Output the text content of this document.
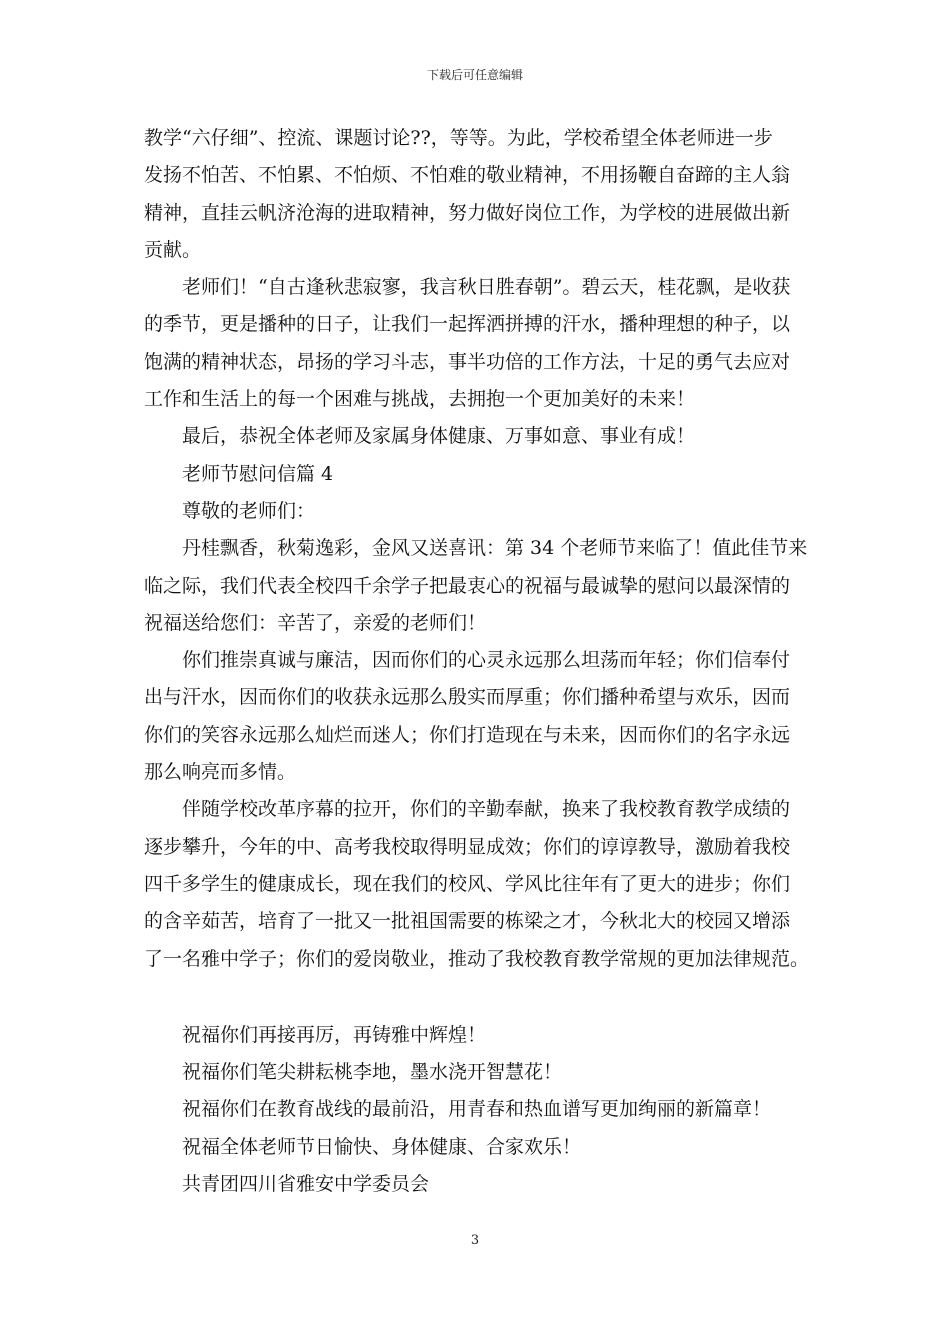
下载后可任意编辑

教学“六仔细”、控流、课题讨论??，等等。为此，学校希望全体老师进一步
发扬不怕苦、不怕累、不怕烦、不怕难的敬业精神，不用扬鞭自奋蹄的主人翁
精神，直挂云帆济沧海的进取精神，努力做好岗位工作，为学校的进展做出新
贡献。

老师们！“自古逢秋悲寂寥，我言秋日胜春朝”。碧云天，桂花飘，是收获
的季节，更是播种的日子，让我们一起挥洒拼搏的汗水，播种理想的种子，以
饱满的精神状态，昂扬的学习斗志，事半功倍的工作方法，十足的勇气去应对
工作和生活上的每一个困难与挑战，去拥抱一个更加美好的未来！

最后，恭祝全体老师及家属身体健康、万事如意、事业有成！

老师节慰问信篇 4

尊敬的老师们：

丹桂飘香，秋菊逸彩，金风又送喜讯：第 34 个老师节来临了！值此佳节来
临之际，我们代表全校四千余学子把最衷心的祝福与最诚挚的慰问以最深情的
祝福送给您们：辛苦了，亲爱的老师们！

你们推崇真诚与廉洁，因而你们的心灵永远那么坦荡而年轻；你们信奉付
出与汗水，因而你们的收获永远那么殷实而厚重；你们播种希望与欢乐，因而
你们的笑容永远那么灿烂而迷人；你们打造现在与未来，因而你们的名字永远
那么响亮而多情。

伴随学校改革序幕的拉开，你们的辛勤奉献，换来了我校教育教学成绩的
逐步攀升，今年的中、高考我校取得明显成效；你们的谆谆教导，激励着我校
四千多学生的健康成长，现在我们的校风、学风比往年有了更大的进步；你们
的含辛茹苦，培育了一批又一批祖国需要的栋梁之才，今秋北大的校园又增添
了一名雅中学子；你们的爱岗敬业，推动了我校教育教学常规的更加法律规范。

祝福你们再接再厉，再铸雅中辉煌！
祝福你们笔尖耕耘桃李地，墨水浇开智慧花！
祝福你们在教育战线的最前沿，用青春和热血谱写更加绚丽的新篇章！
祝福全体老师节日愉快、身体健康、合家欢乐！

共青团四川省雅安中学委员会

3
